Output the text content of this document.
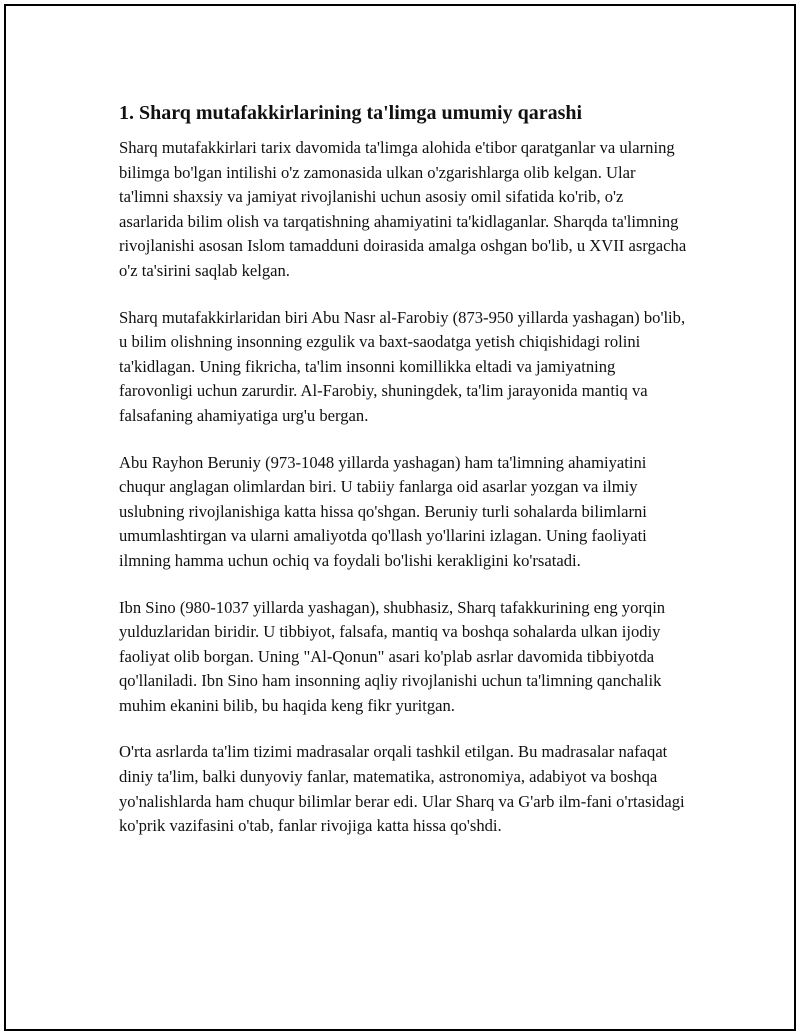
1. Sharq mutafakkirlarining ta'limga umumiy qarashi

Sharq mutafakkirlari tarix davomida ta'limga alohida e'tibor qaratganlar va ularning bilimga bo'lgan intilishi o'z zamonasida ulkan o'zgarishlarga olib kelgan. Ular ta'limni shaxsiy va jamiyat rivojlanishi uchun asosiy omil sifatida ko'rib, o'z asarlarida bilim olish va tarqatishning ahamiyatini ta'kidlaganlar. Sharqda ta'limning rivojlanishi asosan Islom tamadduni doirasida amalga oshgan bo'lib, u XVII asrgacha o'z ta'sirini saqlab kelgan.

Sharq mutafakkirlaridan biri Abu Nasr al-Farobiy (873-950 yillarda yashagan) bo'lib, u bilim olishning insonning ezgulik va baxt-saodatga yetish chiqishidagi rolini ta'kidlagan. Uning fikricha, ta'lim insonni komillikka eltadi va jamiyatning farovonligi uchun zarurdir. Al-Farobiy, shuningdek, ta'lim jarayonida mantiq va falsafaning ahamiyatiga urg'u bergan.

Abu Rayhon Beruniy (973-1048 yillarda yashagan) ham ta'limning ahamiyatini chuqur anglagan olimlardan biri. U tabiiy fanlarga oid asarlar yozgan va ilmiy uslubning rivojlanishiga katta hissa qo'shgan. Beruniy turli sohalarda bilimlarni umumlashtirgan va ularni amaliyotda qo'llash yo'llarini izlagan. Uning faoliyati ilmning hamma uchun ochiq va foydali bo'lishi kerakligini ko'rsatadi.

Ibn Sino (980-1037 yillarda yashagan), shubhasiz, Sharq tafakkurining eng yorqin yulduzlaridan biridir. U tibbiyot, falsafa, mantiq va boshqa sohalarda ulkan ijodiy faoliyat olib borgan. Uning "Al-Qonun" asari ko'plab asrlar davomida tibbiyotda qo'llaniladi. Ibn Sino ham insonning aqliy rivojlanishi uchun ta'limning qanchalik muhim ekanini bilib, bu haqida keng fikr yuritgan.

O'rta asrlarda ta'lim tizimi madrasalar orqali tashkil etilgan. Bu madrasalar nafaqat diniy ta'lim, balki dunyoviy fanlar, matematika, astronomiya, adabiyot va boshqa yo'nalishlarda ham chuqur bilimlar berar edi. Ular Sharq va G'arb ilm-fani o'rtasidagi ko'prik vazifasini o'tab, fanlar rivojiga katta hissa qo'shdi.
